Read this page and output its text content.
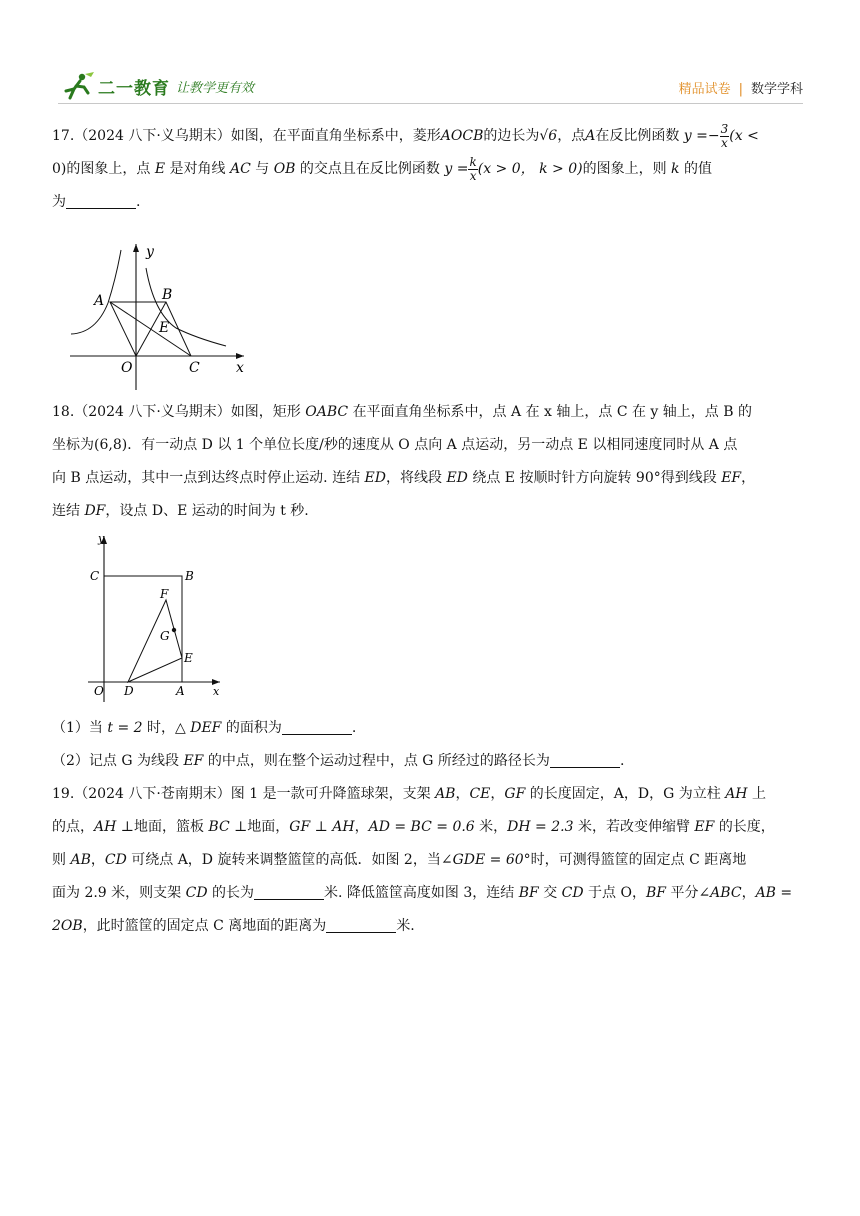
二一教育 让教学更有效	精品试卷 | 数学学科

17.（2024 八下·义乌期末）如图，在平面直角坐标系中，菱形AOCB的边长为√6，点A在反比例函数 $y =- \frac{3}{x} (x$ <

0)的图象上，点 E 是对角线 AC 与 OB 的交点且在反比例函数 $y = \frac{k}{x} (x > 0$， k > 0)的图象上，则 k 的值

为	.

y
A	B
E
O	C	x

18.（2024 八下·义乌期末）如图，矩形 OABC 在平面直角坐标系中，点 A 在 x 轴上，点 C 在 y 轴上，点 B 的

坐标为(6,8)．有一动点 D 以 1 个单位长度/秒的速度从 O 点向 A 点运动，另一动点 E 以相同速度同时从 A 点

向 B 点运动，其中一点到达终点时停止运动. 连结 ED，将线段 ED 绕点 E 按顺时针方向旋转 90°得到线段 EF，

连结 DF，设点 D、E 运动的时间为 t 秒.

y
C	B
F
G
E
O D	A	x

（1）当 t = 2 时，△ DEF 的面积为	.

（2）记点 G 为线段 EF 的中点，则在整个运动过程中，点 G 所经过的路径长为	.

19.（2024 八下·苍南期末）图 1 是一款可升降篮球架，支架 AB，CE，GF 的长度固定，A，D，G 为立柱 AH 上

的点，AH ⊥地面，篮板 BC ⊥地面，GF ⊥ AH，AD = BC = 0.6 米，DH = 2.3 米，若改变伸缩臂 EF 的长度，

则 AB，CD 可绕点 A，D 旋转来调整篮筐的高低．如图 2，当∠GDE = 60°时，可测得篮筐的固定点 C 距离地

面为 2.9 米，则支架 CD 的长为	米. 降低篮筐高度如图 3，连结 BF 交 CD 于点 O，BF 平分∠ABC，AB =

2OB，此时篮筐的固定点 C 离地面的距离为	米.
